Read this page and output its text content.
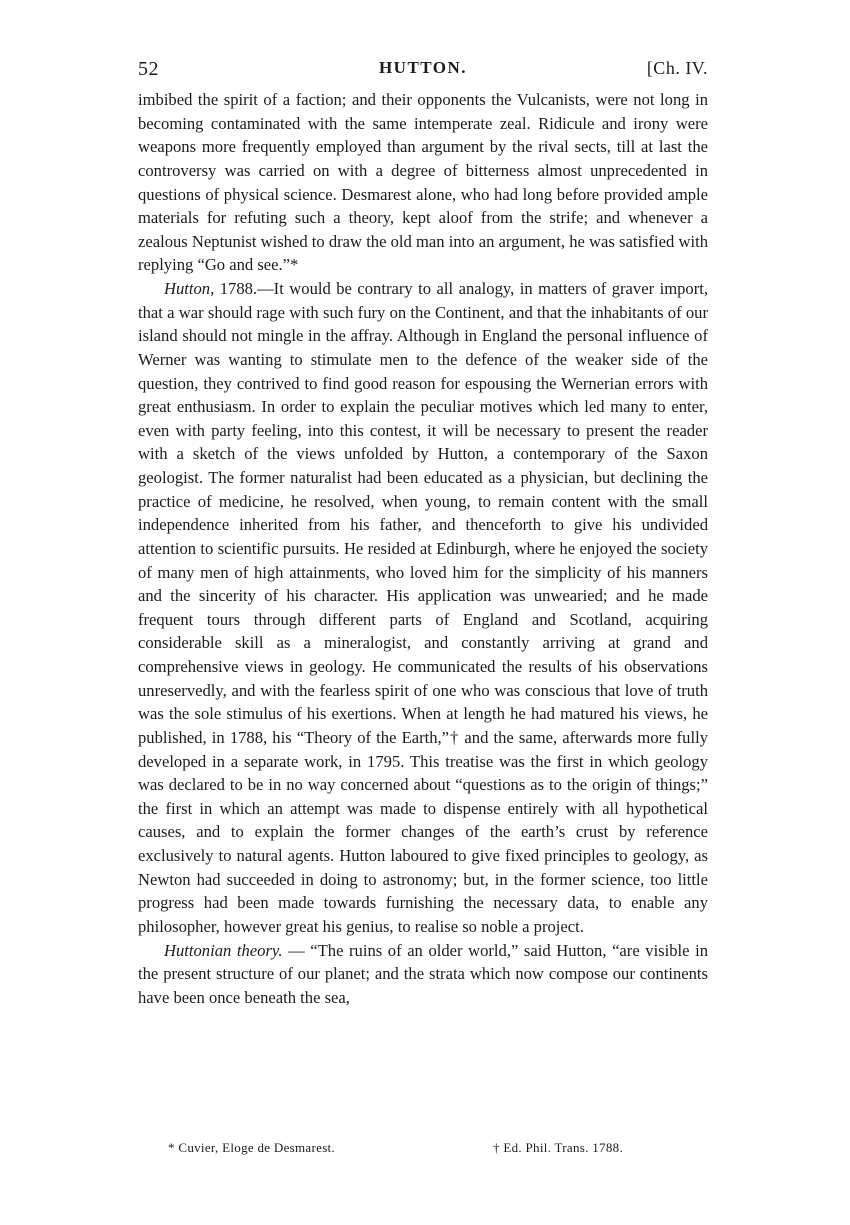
52	HUTTON.	[Ch. IV.

imbibed the spirit of a faction; and their opponents the Vulcanists, were not long in becoming contaminated with the same intemperate zeal. Ridicule and irony were weapons more frequently employed than argument by the rival sects, till at last the controversy was carried on with a degree of bitterness almost unprecedented in questions of physical science. Desmarest alone, who had long before provided ample materials for refuting such a theory, kept aloof from the strife; and whenever a zealous Neptunist wished to draw the old man into an argument, he was satisfied with replying “Go and see.”*

Hutton, 1788.—It would be contrary to all analogy, in matters of graver import, that a war should rage with such fury on the Continent, and that the inhabitants of our island should not mingle in the affray. Although in England the personal influence of Werner was wanting to stimulate men to the defence of the weaker side of the question, they contrived to find good reason for espousing the Wernerian errors with great enthusiasm. In order to explain the peculiar motives which led many to enter, even with party feeling, into this contest, it will be necessary to present the reader with a sketch of the views unfolded by Hutton, a contemporary of the Saxon geologist. The former naturalist had been educated as a physician, but declining the practice of medicine, he resolved, when young, to remain content with the small independence inherited from his father, and thenceforth to give his undivided attention to scientific pursuits. He resided at Edinburgh, where he enjoyed the society of many men of high attainments, who loved him for the simplicity of his manners and the sincerity of his character. His application was unwearied; and he made frequent tours through different parts of England and Scotland, acquiring considerable skill as a mineralogist, and constantly arriving at grand and comprehensive views in geology. He communicated the results of his observations unreservedly, and with the fearless spirit of one who was conscious that love of truth was the sole stimulus of his exertions. When at length he had matured his views, he published, in 1788, his “Theory of the Earth,”† and the same, afterwards more fully developed in a separate work, in 1795. This treatise was the first in which geology was declared to be in no way concerned about “questions as to the origin of things;” the first in which an attempt was made to dispense entirely with all hypothetical causes, and to explain the former changes of the earth’s crust by reference exclusively to natural agents. Hutton laboured to give fixed principles to geology, as Newton had succeeded in doing to astronomy; but, in the former science, too little progress had been made towards furnishing the necessary data, to enable any philosopher, however great his genius, to realise so noble a project.

Huttonian theory. — “The ruins of an older world,” said Hutton, “are visible in the present structure of our planet; and the strata which now compose our continents have been once beneath the sea,

* Cuvier, Eloge de Desmarest.	† Ed. Phil. Trans. 1788.
